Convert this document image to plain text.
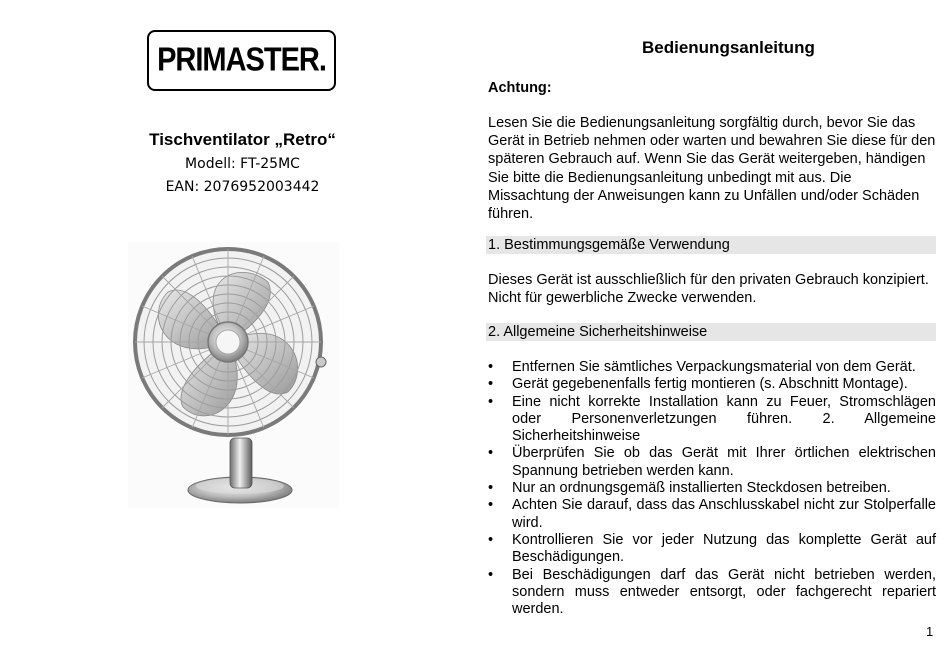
PRIMASTER.
Tischventilator „Retro“
Modell: FT-25MC
EAN: 2076952003442
Bedienungsanleitung
Achtung:
Lesen Sie die Bedienungsanleitung sorgfältig durch, bevor Sie das Gerät in Betrieb nehmen oder warten und bewahren Sie diese für den späteren Gebrauch auf. Wenn Sie das Gerät weitergeben, händigen Sie bitte die Bedienungsanleitung unbedingt mit aus. Die Missachtung der Anweisungen kann zu Unfällen und/oder Schäden führen.
1. Bestimmungsgemäße Verwendung
Dieses Gerät ist ausschließlich für den privaten Gebrauch konzipiert. Nicht für gewerbliche Zwecke verwenden.
2. Allgemeine Sicherheitshinweise
• Entfernen Sie sämtliches Verpackungsmaterial von dem Gerät.
• Gerät gegebenenfalls fertig montieren (s. Abschnitt Montage).
• Eine nicht korrekte Installation kann zu Feuer, Stromschlägen oder Personenverletzungen führen. 2. Allgemeine Sicherheitshinweise
• Überprüfen Sie ob das Gerät mit Ihrer örtlichen elektrischen Spannung betrieben werden kann.
• Nur an ordnungsgemäß installierten Steckdosen betreiben.
• Achten Sie darauf, dass das Anschlusskabel nicht zur Stolperfalle wird.
• Kontrollieren Sie vor jeder Nutzung das komplette Gerät auf Beschädigungen.
• Bei Beschädigungen darf das Gerät nicht betrieben werden, sondern muss entweder entsorgt, oder fachgerecht repariert werden.
1
